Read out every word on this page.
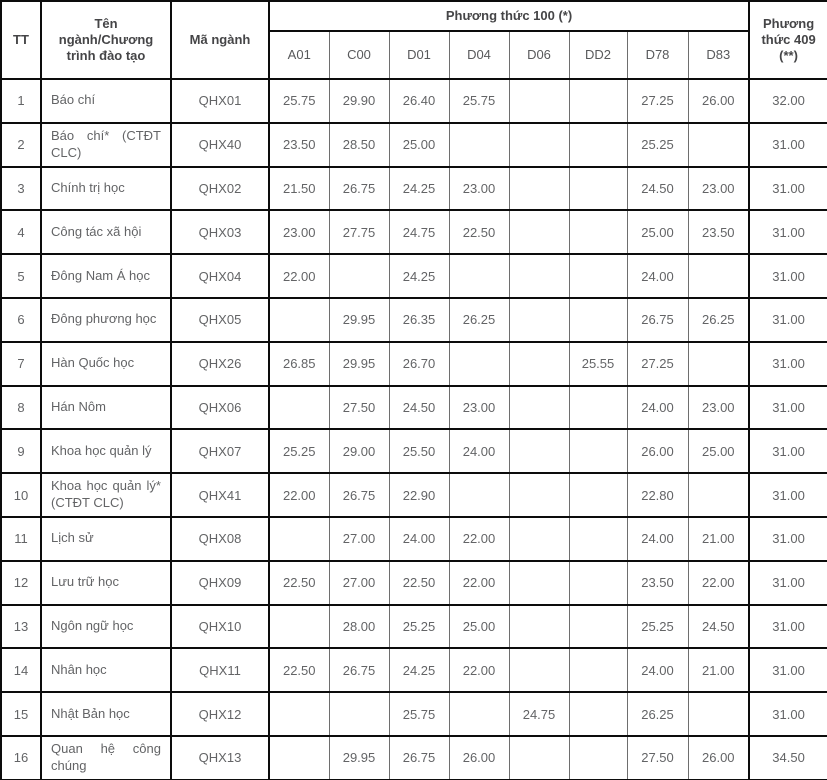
TT	Tên ngành/Chương trình đào tạo	Mã ngành	Phương thức 100 (*)								Phương thức 409 (**)
			A01	C00	D01	D04	D06	DD2	D78	D83	
1	Báo chí	QHX01	25.75	29.90	26.40	25.75			27.25	26.00	32.00
2	Báo chí* (CTĐT CLC)	QHX40	23.50	28.50	25.00				25.25		31.00
3	Chính trị học	QHX02	21.50	26.75	24.25	23.00			24.50	23.00	31.00
4	Công tác xã hội	QHX03	23.00	27.75	24.75	22.50			25.00	23.50	31.00
5	Đông Nam Á học	QHX04	22.00		24.25				24.00		31.00
6	Đông phương học	QHX05		29.95	26.35	26.25			26.75	26.25	31.00
7	Hàn Quốc học	QHX26	26.85	29.95	26.70			25.55	27.25		31.00
8	Hán Nôm	QHX06		27.50	24.50	23.00			24.00	23.00	31.00
9	Khoa học quản lý	QHX07	25.25	29.00	25.50	24.00			26.00	25.00	31.00
10	Khoa học quản lý* (CTĐT CLC)	QHX41	22.00	26.75	22.90				22.80		31.00
11	Lịch sử	QHX08		27.00	24.00	22.00			24.00	21.00	31.00
12	Lưu trữ học	QHX09	22.50	27.00	22.50	22.00			23.50	22.00	31.00
13	Ngôn ngữ học	QHX10		28.00	25.25	25.00			25.25	24.50	31.00
14	Nhân học	QHX11	22.50	26.75	24.25	22.00			24.00	21.00	31.00
15	Nhật Bản học	QHX12			25.75		24.75		26.25		31.00
16	Quan hệ công chúng	QHX13		29.95	26.75	26.00			27.50	26.00	34.50
